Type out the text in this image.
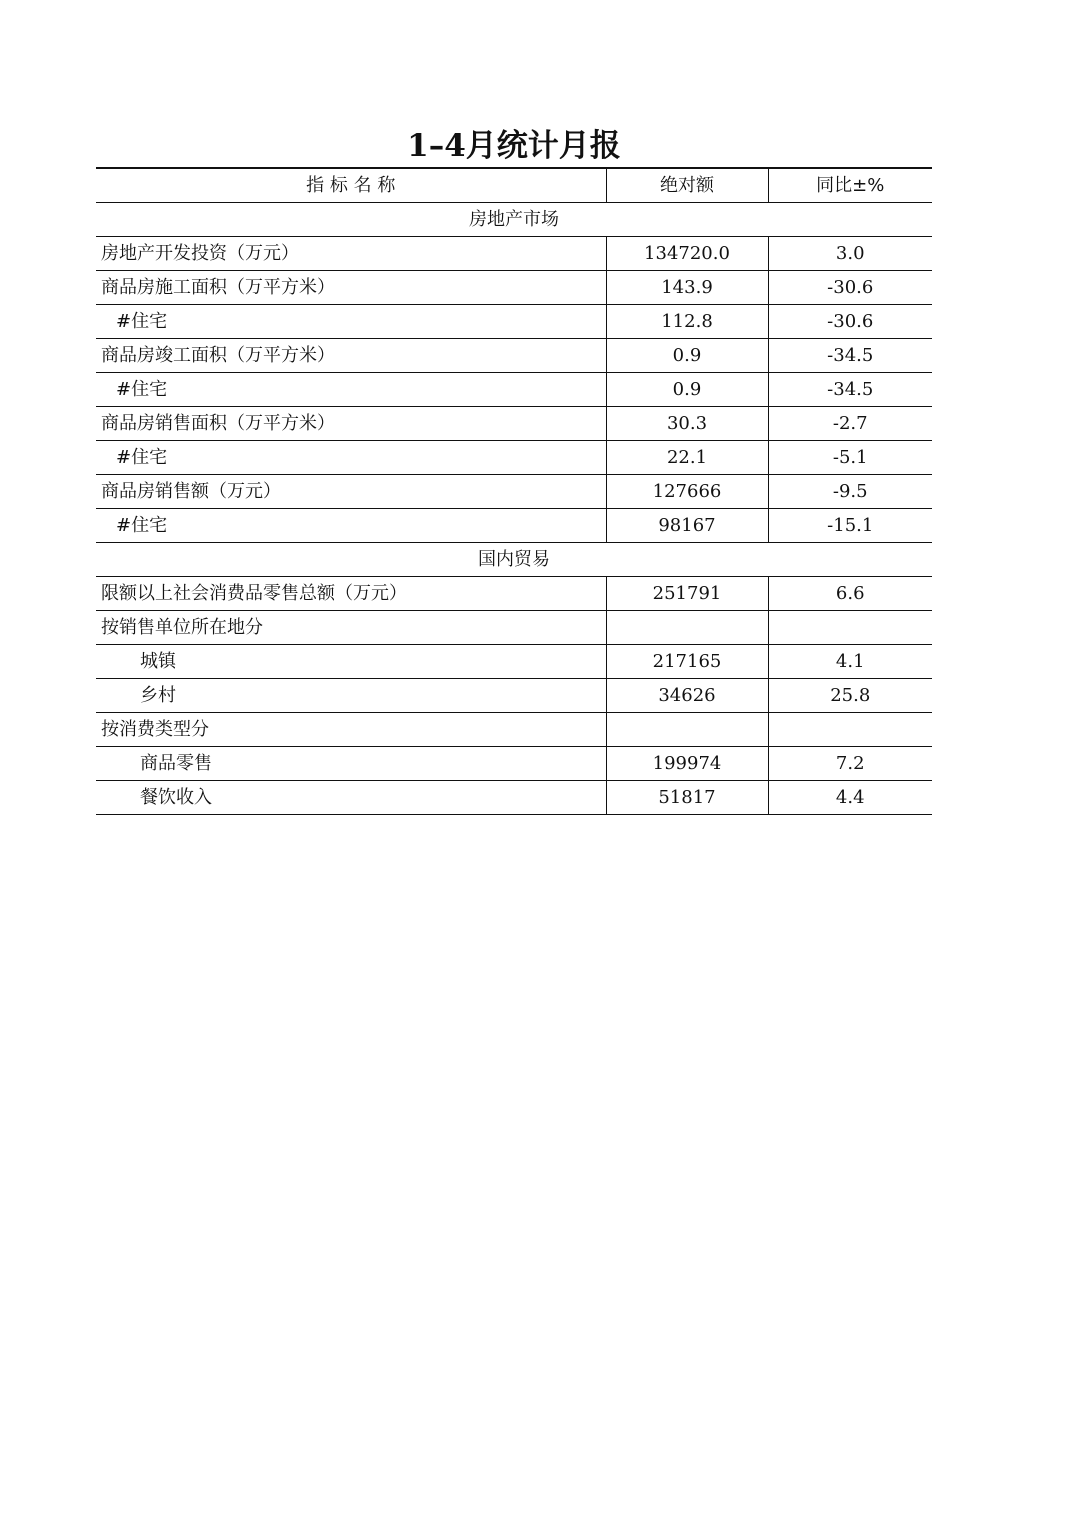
1–4月统计月报
指 标 名 称	绝对额	同比±%
房地产市场		
房地产开发投资（万元）	134720.0	3.0
商品房施工面积（万平方米）	143.9	-30.6
#住宅	112.8	-30.6
商品房竣工面积（万平方米）	0.9	-34.5
#住宅	0.9	-34.5
商品房销售面积（万平方米）	30.3	-2.7
#住宅	22.1	-5.1
商品房销售额（万元）	127666	-9.5
#住宅	98167	-15.1
国内贸易		
限额以上社会消费品零售总额（万元）	251791	6.6
按销售单位所在地分		
城镇	217165	4.1
乡村	34626	25.8
按消费类型分		
商品零售	199974	7.2
餐饮收入	51817	4.4
